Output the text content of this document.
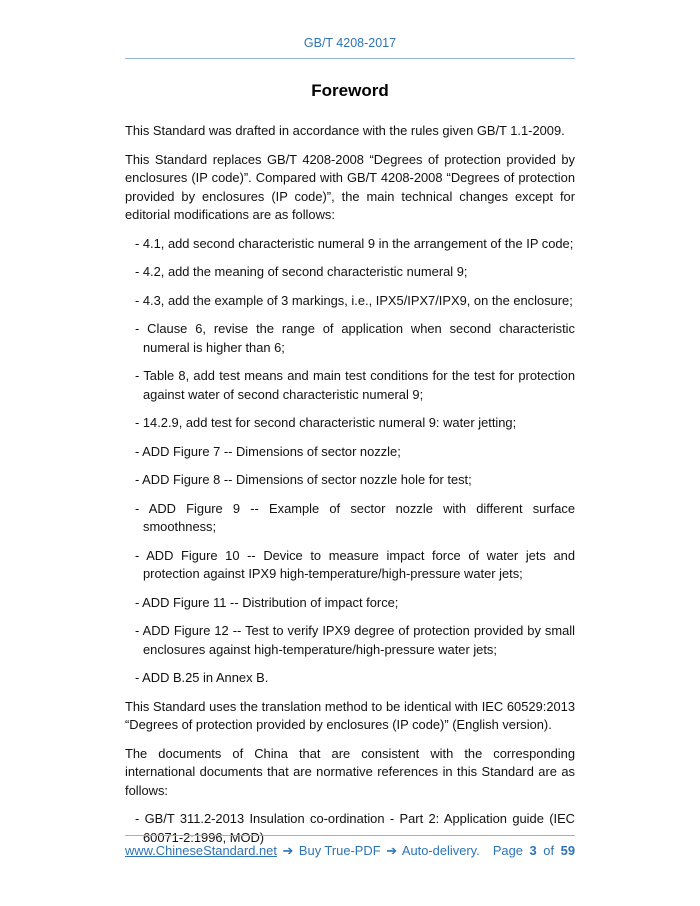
GB/T 4208-2017
Foreword

This Standard was drafted in accordance with the rules given GB/T 1.1-2009.

This Standard replaces GB/T 4208-2008 “Degrees of protection provided by enclosures (IP code)”. Compared with GB/T 4208-2008 “Degrees of protection provided by enclosures (IP code)”, the main technical changes except for editorial modifications are as follows:

- 4.1, add second characteristic numeral 9 in the arrangement of the IP code;
- 4.2, add the meaning of second characteristic numeral 9;
- 4.3, add the example of 3 markings, i.e., IPX5/IPX7/IPX9, on the enclosure;
- Clause 6, revise the range of application when second characteristic numeral is higher than 6;
- Table 8, add test means and main test conditions for the test for protection against water of second characteristic numeral 9;
- 14.2.9, add test for second characteristic numeral 9: water jetting;
- ADD Figure 7 -- Dimensions of sector nozzle;
- ADD Figure 8 -- Dimensions of sector nozzle hole for test;
- ADD Figure 9 -- Example of sector nozzle with different surface smoothness;
- ADD Figure 10 -- Device to measure impact force of water jets and protection against IPX9 high-temperature/high-pressure water jets;
- ADD Figure 11 -- Distribution of impact force;
- ADD Figure 12 -- Test to verify IPX9 degree of protection provided by small enclosures against high-temperature/high-pressure water jets;
- ADD B.25 in Annex B.

This Standard uses the translation method to be identical with IEC 60529:2013 “Degrees of protection provided by enclosures (IP code)” (English version).

The documents of China that are consistent with the corresponding international documents that are normative references in this Standard are as follows:

- GB/T 311.2-2013 Insulation co-ordination - Part 2: Application guide (IEC 60071-2:1996, MOD)
www.ChineseStandard.net ➔ Buy True-PDF ➔ Auto-delivery. Page 3 of 59
